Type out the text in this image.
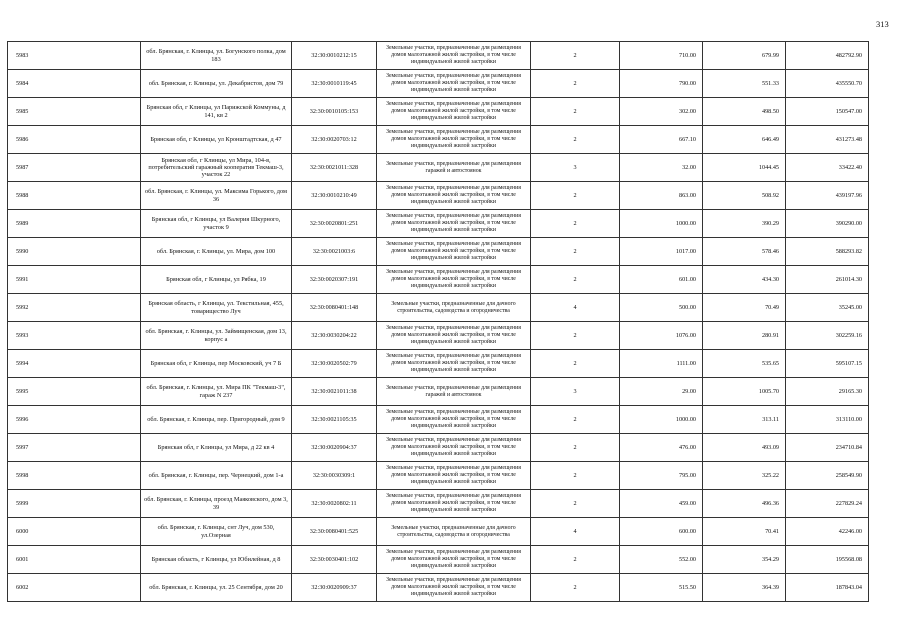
313
5983	обл. Брянская, г. Клинцы, ул. Богунского полка, дом 183	32:30:0010212:15	Земельные участки, предназначенные для размещения домов малоэтажной жилой застройки, в том числе индивидуальной жилой застройки	2	710.00	679.99	482792.90
5984	обл. Брянская, г. Клинцы, ул. Декабристов, дом 79	32:30:0010119:45	Земельные участки, предназначенные для размещения домов малоэтажной жилой застройки, в том числе индивидуальной жилой застройки	2	790.00	551.33	435550.70
5985	Брянская обл, г Клинцы, ул Парижской Коммуны, д 141, кв 2	32:30:0010105:153	Земельные участки, предназначенные для размещения домов малоэтажной жилой застройки, в том числе индивидуальной жилой застройки	2	302.00	498.50	150547.00
5986	Брянская обл, г Клинцы, ул Кронштадтская, д 47	32:30:0020703:12	Земельные участки, предназначенные для размещения домов малоэтажной жилой застройки, в том числе индивидуальной жилой застройки	2	667.10	646.49	431273.48
5987	Брянская обл, г Клинцы, ул Мира, 104-в, потребительский гаражный кооператив Текмаш-3, участок 22	32:30:0021011:328	Земельные участки, предназначенные для размещения гаражей и автостоянок	3	32.00	1044.45	33422.40
5988	обл. Брянская, г. Клинцы, ул. Максима Горького, дом 36	32:30:0010210:49	Земельные участки, предназначенные для размещения домов малоэтажной жилой застройки, в том числе индивидуальной жилой застройки	2	863.00	508.92	439197.96
5989	Брянская обл, г Клинцы, ул Валерия Шкурного, участок 9	32:30:0020801:251	Земельные участки, предназначенные для размещения домов малоэтажной жилой застройки, в том числе индивидуальной жилой застройки	2	1000.00	390.29	390290.00
5990	обл. Брянская, г. Клинцы, ул. Мира, дом 100	32:30:0021003:6	Земельные участки, предназначенные для размещения домов малоэтажной жилой застройки, в том числе индивидуальной жилой застройки	2	1017.00	578.46	588293.82
5991	Брянская обл, г Клинцы, ул Рябка, 19	32:30:0020307:191	Земельные участки, предназначенные для размещения домов малоэтажной жилой застройки, в том числе индивидуальной жилой застройки	2	601.00	434.30	261014.30
5992	Брянская область, г Клинцы, ул. Текстильная, 455, товарищество Луч	32:30:0080401:148	Земельные участки, предназначенные для дачного строительства, садоводства и огородничества	4	500.00	70.49	35245.00
5993	обл. Брянская, г. Клинцы, ул. Займищенская, дом 13, корпус а	32:30:0030204:22	Земельные участки, предназначенные для размещения домов малоэтажной жилой застройки, в том числе индивидуальной жилой застройки	2	1076.00	280.91	302259.16
5994	Брянская обл, г Клинцы, пер Московский, уч 7 Б	32:30:0020502:79	Земельные участки, предназначенные для размещения домов малоэтажной жилой застройки, в том числе индивидуальной жилой застройки	2	1111.00	535.65	595107.15
5995	обл. Брянская, г. Клинцы, ул. Мира ПК "Текмаш-3", гараж N 237	32:30:0021011:38	Земельные участки, предназначенные для размещения гаражей и автостоянок	3	29.00	1005.70	29165.30
5996	обл. Брянская, г. Клинцы, пер. Пригородный, дом 9	32:30:0021105:35	Земельные участки, предназначенные для размещения домов малоэтажной жилой застройки, в том числе индивидуальной жилой застройки	2	1000.00	313.11	313110.00
5997	Брянская обл, г Клинцы, ул Мира, д 22 кв 4	32:30:0020904:37	Земельные участки, предназначенные для размещения домов малоэтажной жилой застройки, в том числе индивидуальной жилой застройки	2	476.00	493.09	234710.84
5998	обл. Брянская, г. Клинцы, пер. Чернецкий, дом 1-а	32:30:0030309:1	Земельные участки, предназначенные для размещения домов малоэтажной жилой застройки, в том числе индивидуальной жилой застройки	2	795.00	325.22	258549.90
5999	обл. Брянская, г. Клинцы, проезд Маяковского, дом 3, 39	32:30:0020802:11	Земельные участки, предназначенные для размещения домов малоэтажной жилой застройки, в том числе индивидуальной жилой застройки	2	459.00	496.36	227829.24
6000	обл. Брянская, г. Клинцы, снт Луч, дом 530, ул.Озерная	32:30:0080401:525	Земельные участки, предназначенные для дачного строительства, садоводства и огородничества	4	600.00	70.41	42246.00
6001	Брянская область, г Клинцы, ул Юбилейная, д 8	32:30:0030401:102	Земельные участки, предназначенные для размещения домов малоэтажной жилой застройки, в том числе индивидуальной жилой застройки	2	552.00	354.29	195568.08
6002	обл. Брянская, г. Клинцы, ул. 25 Сентября, дом 20	32:30:0020909:37	Земельные участки, предназначенные для размещения домов малоэтажной жилой застройки, в том числе индивидуальной жилой застройки	2	515.50	364.39	187843.04
